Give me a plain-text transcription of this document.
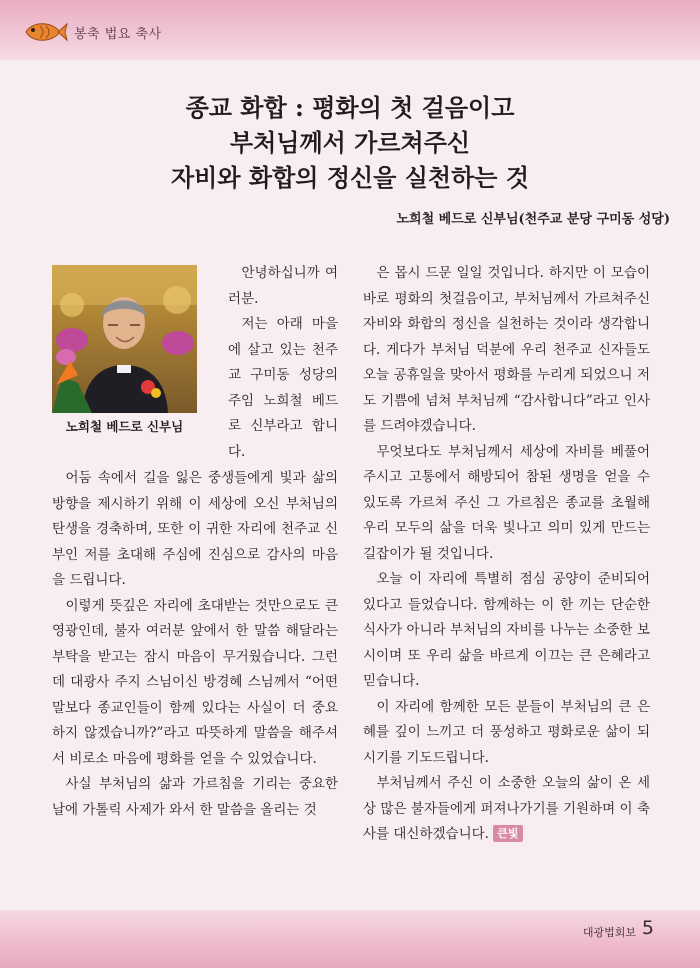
봉축 법요 축사
종교 화합 : 평화의 첫 걸음이고
부처님께서 가르쳐주신
자비와 화합의 정신을 실천하는 것
노희철 베드로 신부님(천주교 분당 구미동 성당)
노희철 베드로 신부님

안녕하십니까 여러분.

저는 아래 마을에 살고 있는 천주교 구미동 성당의 주임 노희철 베드로 신부라고 합니다.

어둠 속에서 길을 잃은 중생들에게 빛과 삶의 방향을 제시하기 위해 이 세상에 오신 부처님의 탄생을 경축하며, 또한 이 귀한 자리에 천주교 신부인 저를 초대해 주심에 진심으로 감사의 마음을 드립니다.

이렇게 뜻깊은 자리에 초대받는 것만으로도 큰 영광인데, 불자 여러분 앞에서 한 말씀 해달라는 부탁을 받고는 잠시 마음이 무거웠습니다. 그런데 대광사 주지 스님이신 방경혜 스님께서 “어떤 말보다 종교인들이 함께 있다는 사실이 더 중요하지 않겠습니까?”라고 따뜻하게 말씀을 해주셔서 비로소 마음에 평화를 얻을 수 있었습니다.

사실 부처님의 삶과 가르침을 기리는 중요한 날에 가톨릭 사제가 와서 한 말씀을 올리는 것

은 몹시 드문 일일 것입니다. 하지만 이 모습이 바로 평화의 첫걸음이고, 부처님께서 가르쳐주신 자비와 화합의 정신을 실천하는 것이라 생각합니다. 게다가 부처님 덕분에 우리 천주교 신자들도 오늘 공휴일을 맞아서 평화를 누리게 되었으니 저도 기쁨에 넘쳐 부처님께 “감사합니다”라고 인사를 드려야겠습니다.

무엇보다도 부처님께서 세상에 자비를 베풀어 주시고 고통에서 해방되어 참된 생명을 얻을 수 있도록 가르쳐 주신 그 가르침은 종교를 초월해 우리 모두의 삶을 더욱 빛나고 의미 있게 만드는 길잡이가 될 것입니다.

오늘 이 자리에 특별히 점심 공양이 준비되어 있다고 들었습니다. 함께하는 이 한 끼는 단순한 식사가 아니라 부처님의 자비를 나누는 소중한 보시이며 또 우리 삶을 바르게 이끄는 큰 은혜라고 믿습니다.

이 자리에 함께한 모든 분들이 부처님의 큰 은혜를 깊이 느끼고 더 풍성하고 평화로운 삶이 되시기를 기도드립니다.

부처님께서 주신 이 소중한 오늘의 삶이 온 세상 많은 불자들에게 퍼져나가기를 기원하며 이 축사를 대신하겠습니다. 큰빛

대광법회보 5
